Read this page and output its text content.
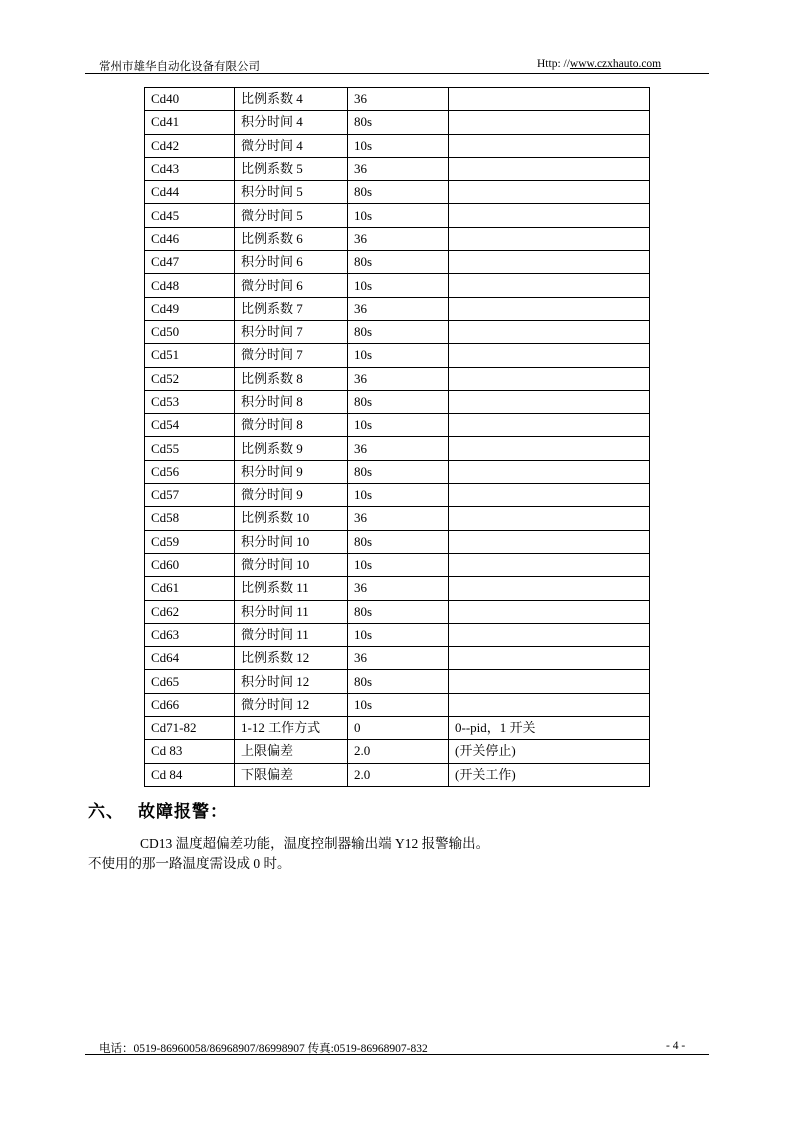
常州市雄华自动化设备有限公司	Http: //www.czxhauto.com
Cd40	比例系数 4	36	
Cd41	积分时间 4	80s	
Cd42	微分时间 4	10s	
Cd43	比例系数 5	36	
Cd44	积分时间 5	80s	
Cd45	微分时间 5	10s	
Cd46	比例系数 6	36	
Cd47	积分时间 6	80s	
Cd48	微分时间 6	10s	
Cd49	比例系数 7	36	
Cd50	积分时间 7	80s	
Cd51	微分时间 7	10s	
Cd52	比例系数 8	36	
Cd53	积分时间 8	80s	
Cd54	微分时间 8	10s	
Cd55	比例系数 9	36	
Cd56	积分时间 9	80s	
Cd57	微分时间 9	10s	
Cd58	比例系数 10	36	
Cd59	积分时间 10	80s	
Cd60	微分时间 10	10s	
Cd61	比例系数 11	36	
Cd62	积分时间 11	80s	
Cd63	微分时间 11	10s	
Cd64	比例系数 12	36	
Cd65	积分时间 12	80s	
Cd66	微分时间 12	10s	
Cd71-82	1-12 工作方式	0	0--pid，1 开关
Cd 83	上限偏差	2.0	(开关停止)
Cd 84	下限偏差	2.0	(开关工作)
六、 故障报警：
CD13 温度超偏差功能，温度控制器输出端 Y12 报警输出。
不使用的那一路温度需设成 0 时。
电话：0519-86960058/86968907/86998907 传真:0519-86968907-832	- 4 -
